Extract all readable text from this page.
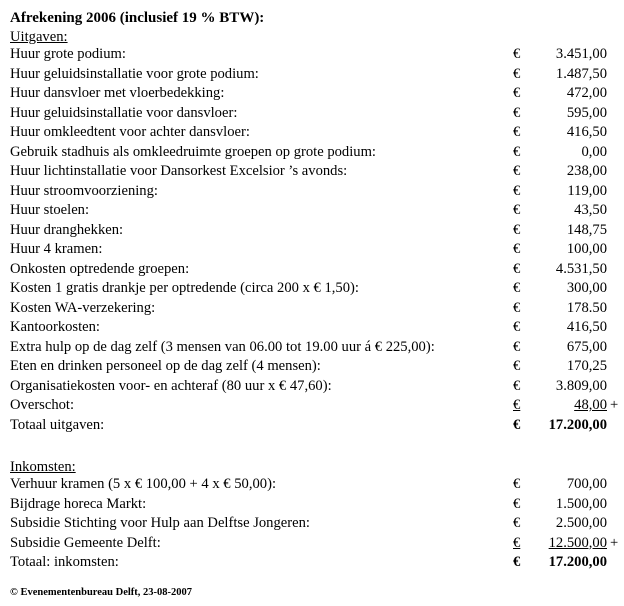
Afrekening 2006 (inclusief 19 % BTW):
Uitgaven:
Huur grote podium:	€	3.451,00
Huur geluidsinstallatie voor grote podium:	€	1.487,50
Huur dansvloer met vloerbedekking:	€	472,00
Huur geluidsinstallatie voor dansvloer:	€	595,00
Huur omkleedtent voor achter dansvloer:	€	416,50
Gebruik stadhuis als omkleedruimte groepen op grote podium:	€	0,00
Huur lichtinstallatie voor Dansorkest Excelsior ’s avonds:	€	238,00
Huur stroomvoorziening:	€	119,00
Huur stoelen:	€	43,50
Huur dranghekken:	€	148,75
Huur 4 kramen:	€	100,00
Onkosten optredende groepen:	€	4.531,50
Kosten 1 gratis drankje per optredende (circa 200 x € 1,50):	€	300,00
Kosten WA-verzekering:	€	178.50
Kantoorkosten:	€	416,50
Extra hulp op de dag zelf (3 mensen van 06.00 tot 19.00 uur á € 225,00):	€	675,00
Eten en drinken personeel op de dag zelf (4 mensen):	€	170,25
Organisatiekosten voor- en achteraf (80 uur x € 47,60):	€	3.809,00
Overschot:	€	48,00 +
Totaal uitgaven:	€	17.200,00
Inkomsten:
Verhuur kramen (5 x € 100,00 + 4 x € 50,00):	€	700,00
Bijdrage horeca Markt:	€	1.500,00
Subsidie Stichting voor Hulp aan Delftse Jongeren:	€	2.500,00
Subsidie Gemeente Delft:	€	12.500,00 +
Totaal: inkomsten:	€	17.200,00
© Evenementenbureau Delft, 23-08-2007
